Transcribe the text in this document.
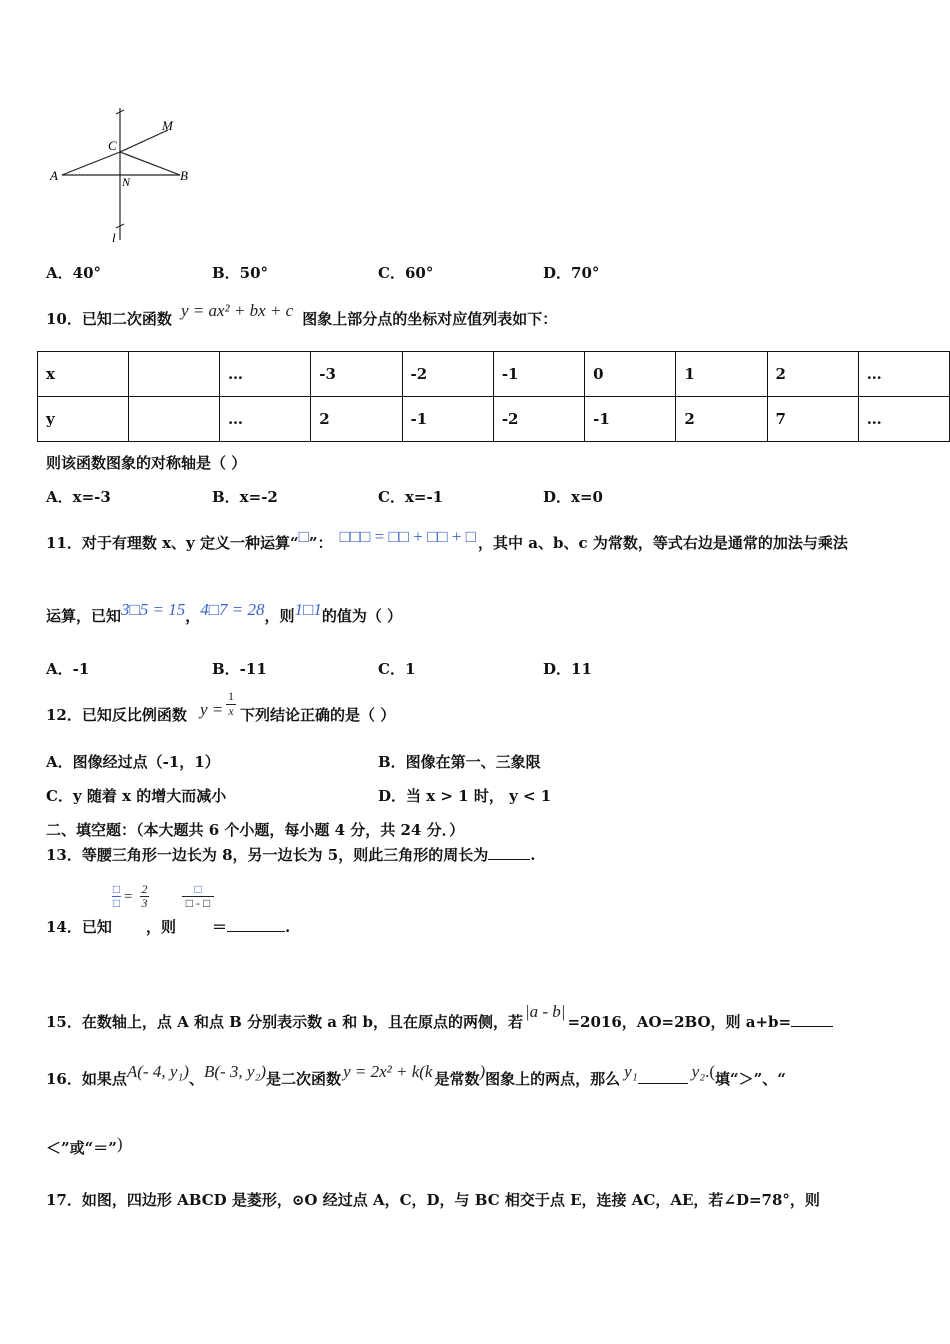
M
C
A	N	B
l
A．40°	B．50°	C．60°	D．70°
10．已知二次函数 y = ax² + bx + c 图象上部分点的坐标对应值列表如下：
x		…	-3	-2	-1	0	1	2	…
y		…	2	-1	-2	-1	2	7	…
则该函数图象的对称轴是（ ）
A．x=-3	B．x=-2	C．x=-1	D．x=0
11．对于有理数 x、y 定义一种运算“□”： □□□ = □□ + □□ + □ ，其中 a、b、c 为常数，等式右边是通常的加法与乘法
运算，已知3□5 = 15，4□7 = 28，则1□1的值为（ ）
A．-1	B．-11	C．1	D．11
12．已知反比例函数 $y = \frac{1}{x}$ 下列结论正确的是（ ）
A．图像经过点（-1，1）	B．图像在第一、三象限
C．y 随着 x 的增大而减小	D．当 x > 1 时， y < 1
二、填空题：（本大题共 6 个小题，每小题 4 分，共 24 分．）
13．等腰三角形一边长为 8，另一边长为 5，则此三角形的周长为	.
14．已知
□
□ = $\frac{2}{3}$
，则
□
□ - □
＝	.
15．在数轴上，点 A 和点 B 分别表示数 a 和 b，且在原点的两侧，若|a - b|=2016，AO=2BO，则 a+b=
16．如果点A(- 4, y₁)、B(- 3, y₂)是二次函数 y = 2x² + k(k 是常数)图象上的两点，那么 y₁	y₂.(填“＞”、“
＜”或“＝”)
17．如图，四边形 ABCD 是菱形，⊙O 经过点 A，C，D，与 BC 相交于点 E，连接 AC，AE，若∠D=78°，则
